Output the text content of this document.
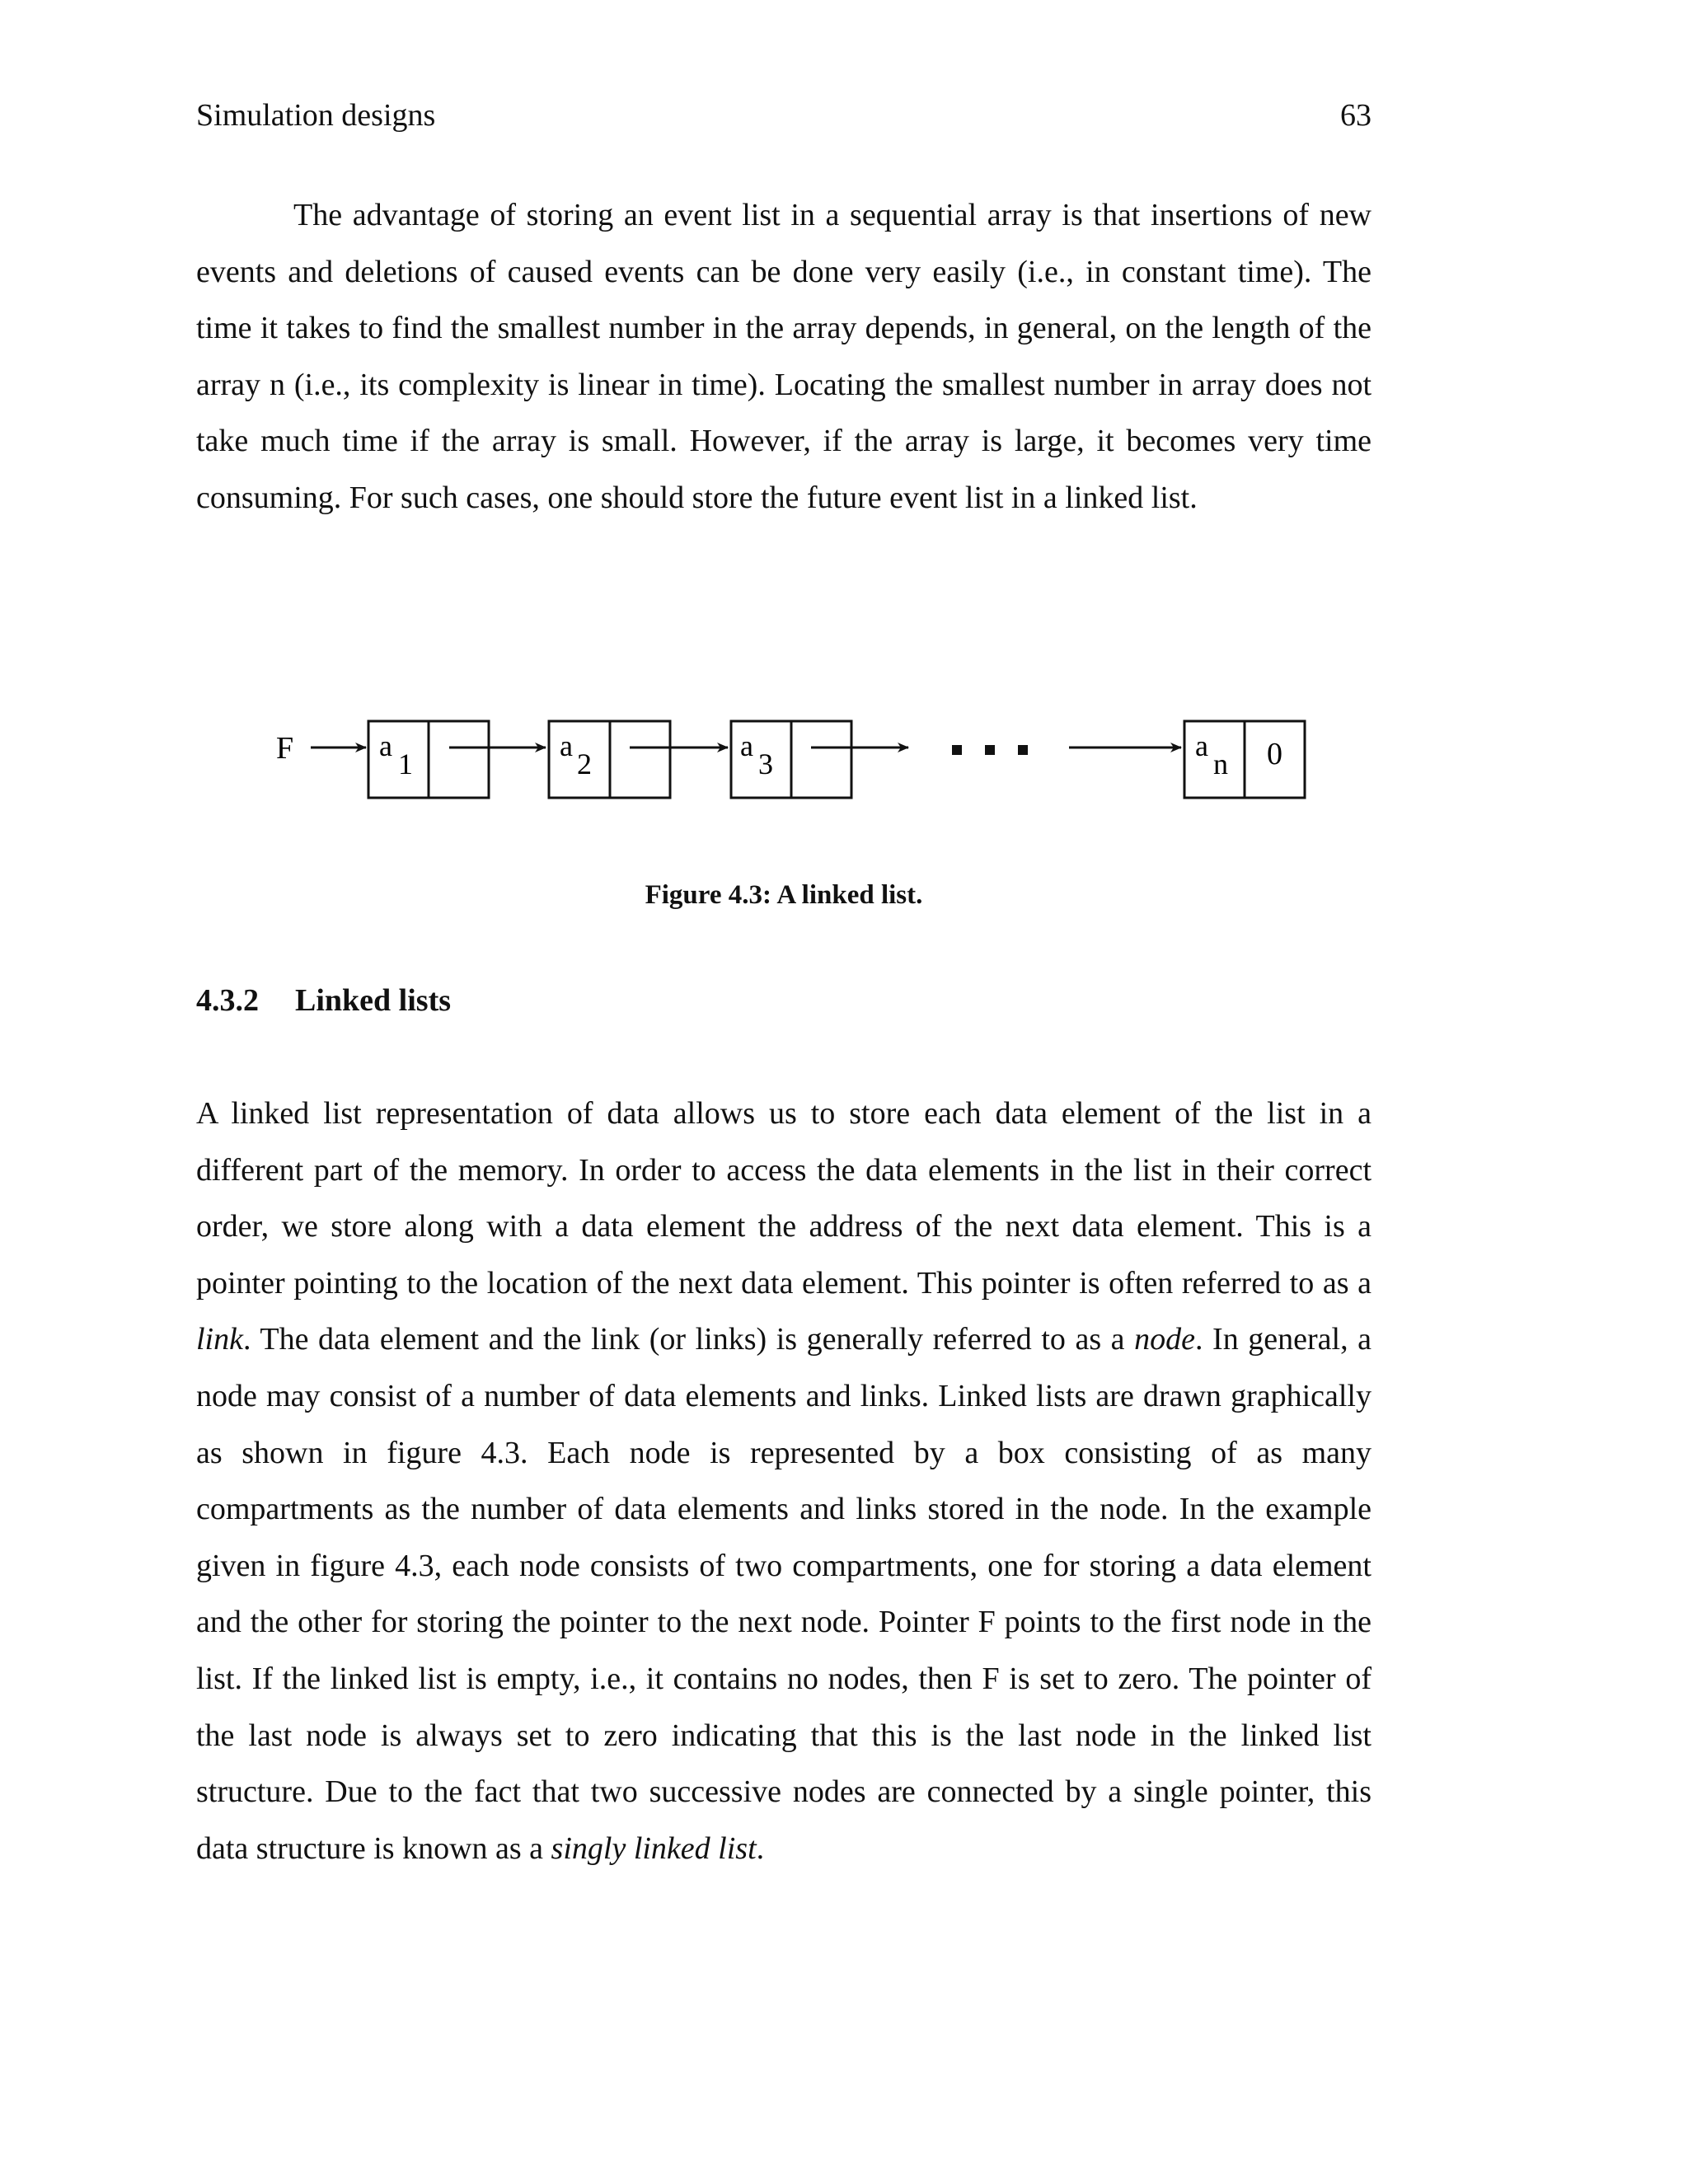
Simulation designs	63

The advantage of storing an event list in a sequential array is that insertions of new events and deletions of caused events can be done very easily (i.e., in constant time). The time it takes to find the smallest number in the array depends, in general, on the length of the array n (i.e., its complexity is linear in time). Locating the smallest number in array does not take much time if the array is small. However, if the array is large, it becomes very time consuming. For such cases, one should store the future event list in a linked list.

F	a
1
a
2
a
3
a
n 0
Figure 4.3: A linked list.
4.3.2 Linked lists

A linked list representation of data allows us to store each data element of the list in a different part of the memory. In order to access the data elements in the list in their correct order, we store along with a data element the address of the next data element. This is a pointer pointing to the location of the next data element. This pointer is often referred to as a link. The data element and the link (or links) is generally referred to as a node. In general, a node may consist of a number of data elements and links. Linked lists are drawn graphically as shown in figure 4.3. Each node is represented by a box consisting of as many compartments as the number of data elements and links stored in the node. In the example given in figure 4.3, each node consists of two compartments, one for storing a data element and the other for storing the pointer to the next node. Pointer F points to the first node in the list. If the linked list is empty, i.e., it contains no nodes, then F is set to zero. The pointer of the last node is always set to zero indicating that this is the last node in the linked list structure. Due to the fact that two successive nodes are connected by a single pointer, this data structure is known as a singly linked list.
